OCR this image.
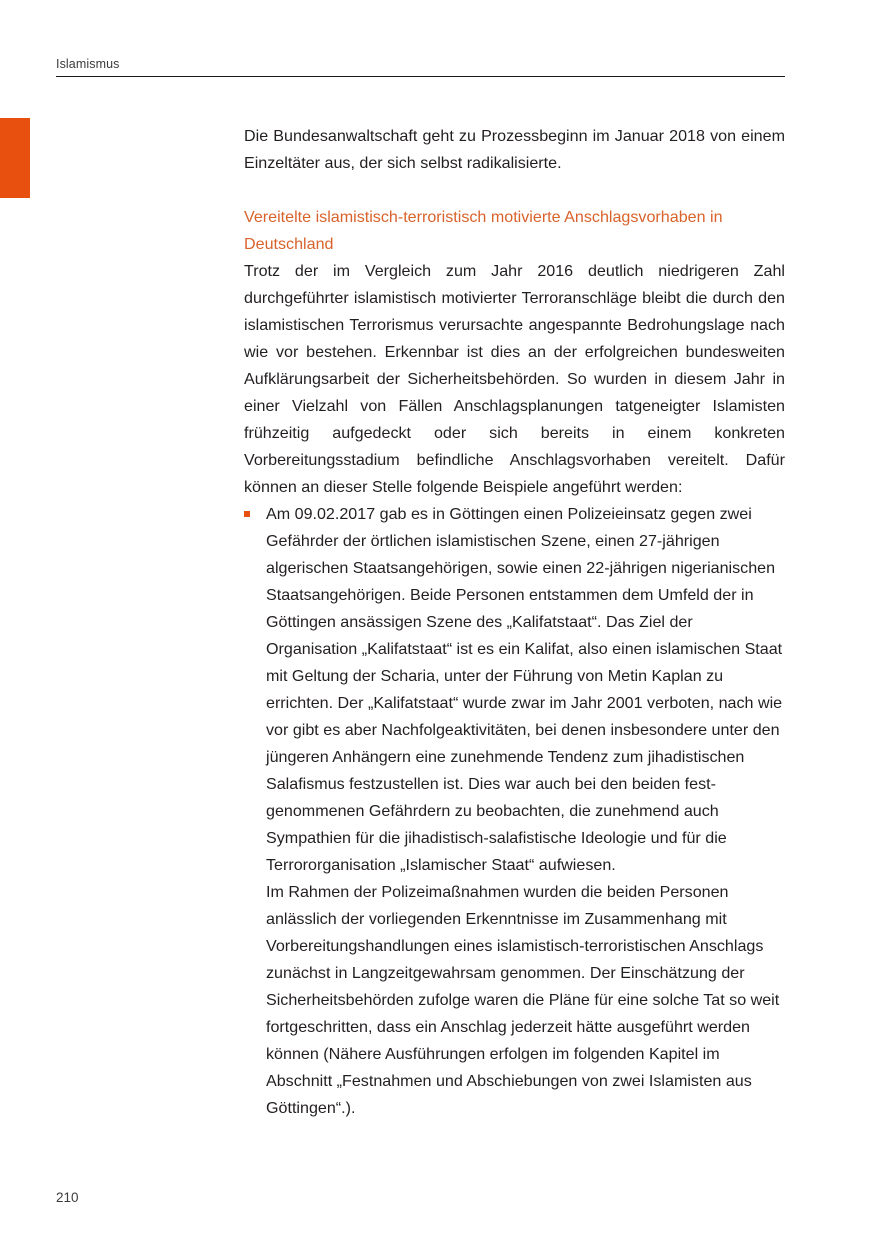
Islamismus

Die Bundesanwaltschaft geht zu Prozessbeginn im Januar 2018 von einem Einzeltäter aus, der sich selbst radikalisierte.

Vereitelte islamistisch-terroristisch motivierte Anschlagsvorhaben in Deutschland

Trotz der im Vergleich zum Jahr 2016 deutlich niedrigeren Zahl durchgeführter islamistisch motivierter Terroranschläge bleibt die durch den islamistischen Terrorismus verursachte angespannte Bedrohungslage nach wie vor bestehen. Erkennbar ist dies an der erfolgreichen bundesweiten Aufklärungsarbeit der Sicherheitsbehörden. So wurden in diesem Jahr in einer Vielzahl von Fällen Anschlagsplanungen tatgeneigter Islamisten frühzeitig aufgedeckt oder sich bereits in einem konkreten Vorbereitungsstadium befindliche Anschlagsvorhaben vereitelt. Dafür können an dieser Stelle folgende Beispiele angeführt werden:

Am 09.02.2017 gab es in Göttingen einen Polizeieinsatz gegen zwei Gefährder der örtlichen islamistischen Szene, einen 27-jährigen algerischen Staatsangehörigen, sowie einen 22-jährigen nigerianischen Staatsangehörigen. Beide Personen entstammen dem Umfeld der in Göttingen ansässigen Szene des „Kalifatstaat“. Das Ziel der Organisation „Kalifatstaat“ ist es ein Kalifat, also einen islamischen Staat mit Geltung der Scharia, unter der Führung von Metin Kaplan zu errichten. Der „Kalifatstaat“ wurde zwar im Jahr 2001 verboten, nach wie vor gibt es aber Nachfolgeaktivitäten, bei denen insbesondere unter den jüngeren Anhängern eine zunehmende Tendenz zum jihadistischen Salafismus festzustellen ist. Dies war auch bei den beiden festgenommenen Gefährdern zu beobachten, die zunehmend auch Sympathien für die jihadistisch-salafistische Ideologie und für die Terrororganisation „Islamischer Staat“ aufwiesen.

Im Rahmen der Polizeimaßnahmen wurden die beiden Personen anlässlich der vorliegenden Erkenntnisse im Zusammenhang mit Vorbereitungshandlungen eines islamistisch-terroristischen Anschlags zunächst in Langzeitgewahrsam genommen. Der Einschätzung der Sicherheitsbehörden zufolge waren die Pläne für eine solche Tat so weit fortgeschritten, dass ein Anschlag jederzeit hätte ausgeführt werden können (Nähere Ausführungen erfolgen im folgenden Kapitel im Abschnitt „Festnahmen und Abschiebungen von zwei Islamisten aus Göttingen“.).

210
